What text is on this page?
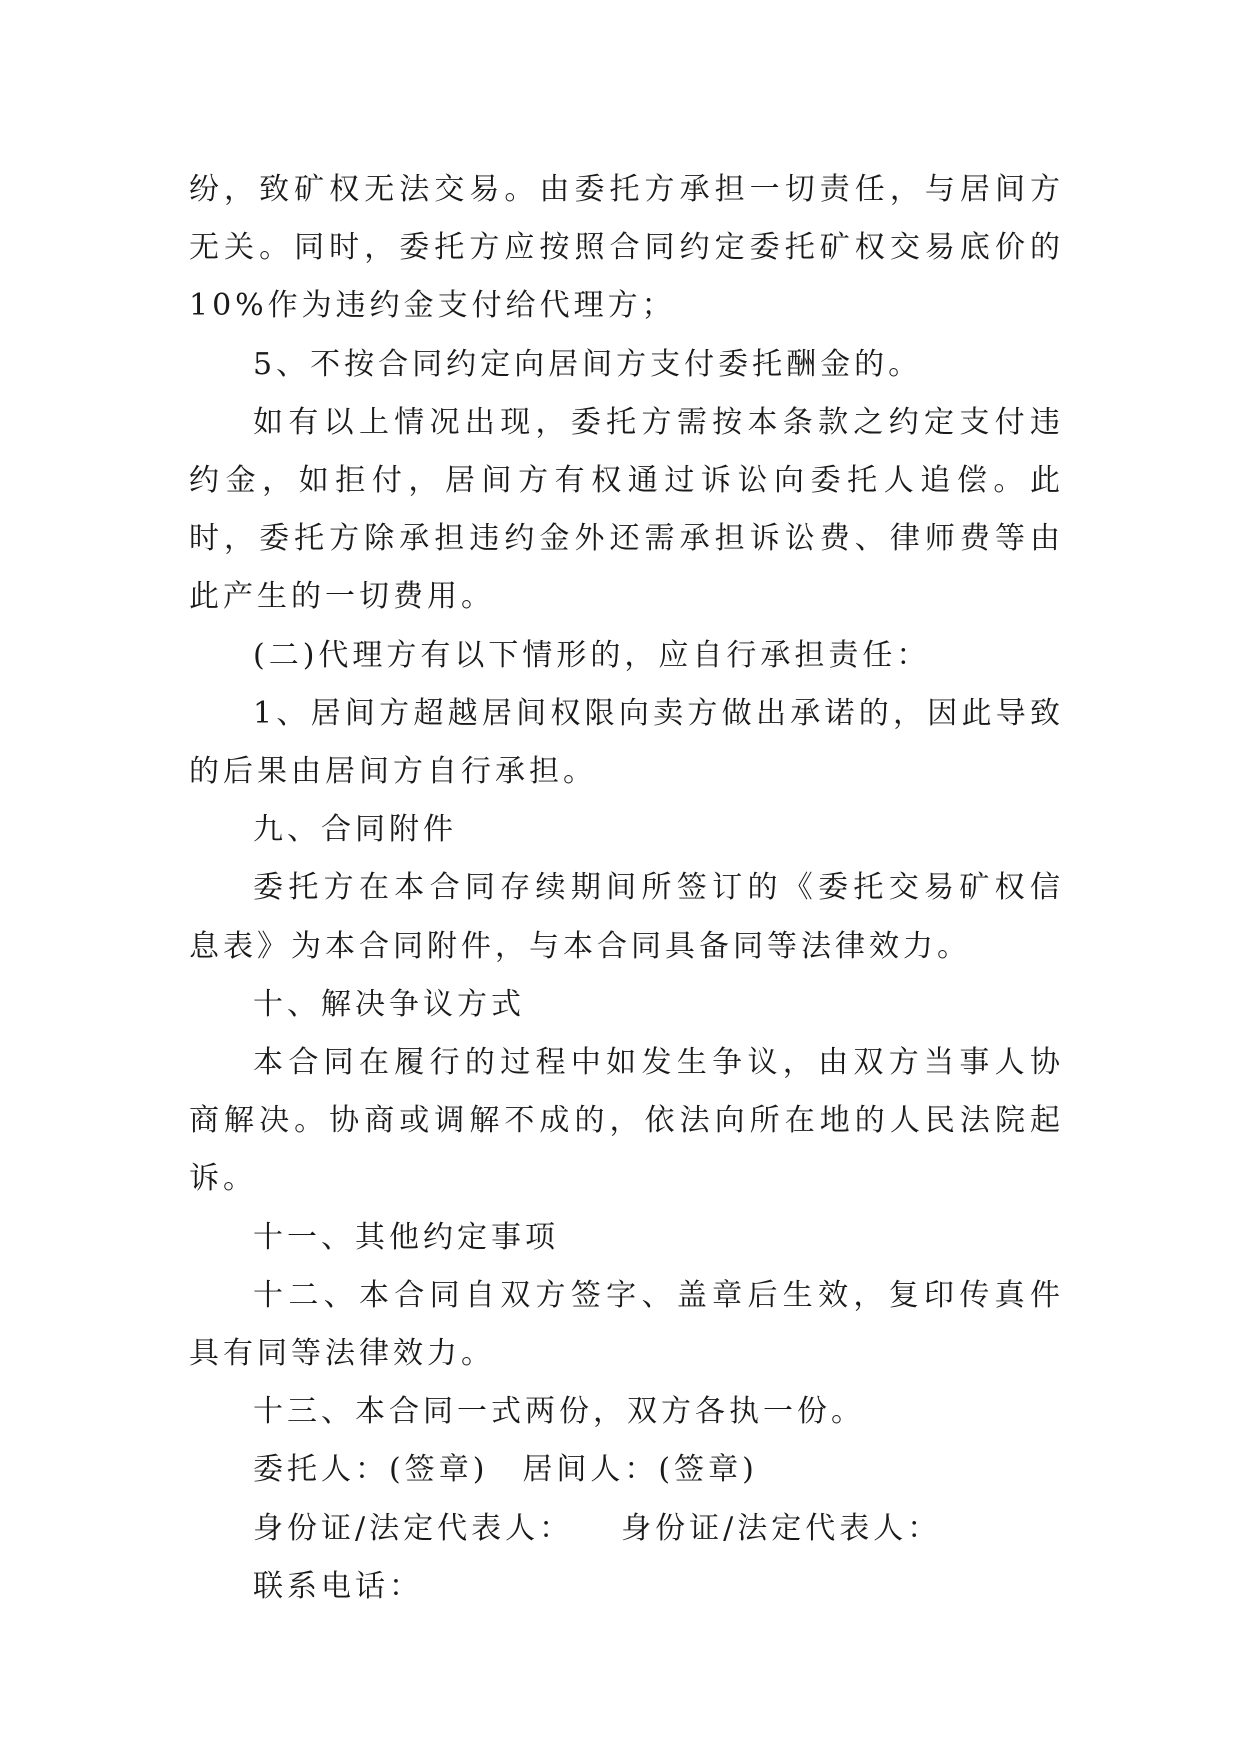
纷，致矿权无法交易。由委托方承担一切责任，与居间方无关。同时，委托方应按照合同约定委托矿权交易底价的 10%作为违约金支付给代理方；

5、不按合同约定向居间方支付委托酬金的。

如有以上情况出现，委托方需按本条款之约定支付违约金，如拒付，居间方有权通过诉讼向委托人追偿。此时，委托方除承担违约金外还需承担诉讼费、律师费等由此产生的一切费用。

(二)代理方有以下情形的，应自行承担责任：

1、居间方超越居间权限向卖方做出承诺的，因此导致的后果由居间方自行承担。

九、合同附件

委托方在本合同存续期间所签订的《委托交易矿权信息表》为本合同附件，与本合同具备同等法律效力。

十、解决争议方式

本合同在履行的过程中如发生争议，由双方当事人协商解决。协商或调解不成的，依法向所在地的人民法院起诉。

十一、其他约定事项

十二、本合同自双方签字、盖章后生效，复印传真件具有同等法律效力。

十三、本合同一式两份，双方各执一份。

委托人：(签章) 居间人：(签章)

身份证/法定代表人： 身份证/法定代表人：

联系电话：
